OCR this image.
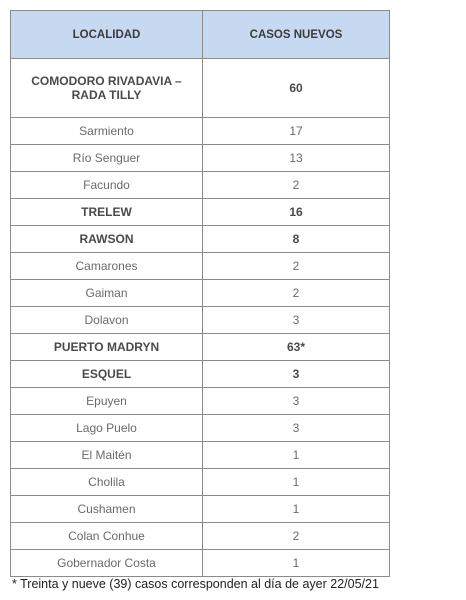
LOCALIDAD	CASOS NUEVOS
COMODORO RIVADAVIA – RADA TILLY	60
Sarmiento	17
Río Senguer	13
Facundo	2
TRELEW	16
RAWSON	8
Camarones	2
Gaiman	2
Dolavon	3
PUERTO MADRYN	63*
ESQUEL	3
Epuyen	3
Lago Puelo	3
El Maitén	1
Cholila	1
Cushamen	1
Colan Conhue	2
Gobernador Costa	1
* Treinta y nueve (39) casos corresponden al día de ayer 22/05/21
